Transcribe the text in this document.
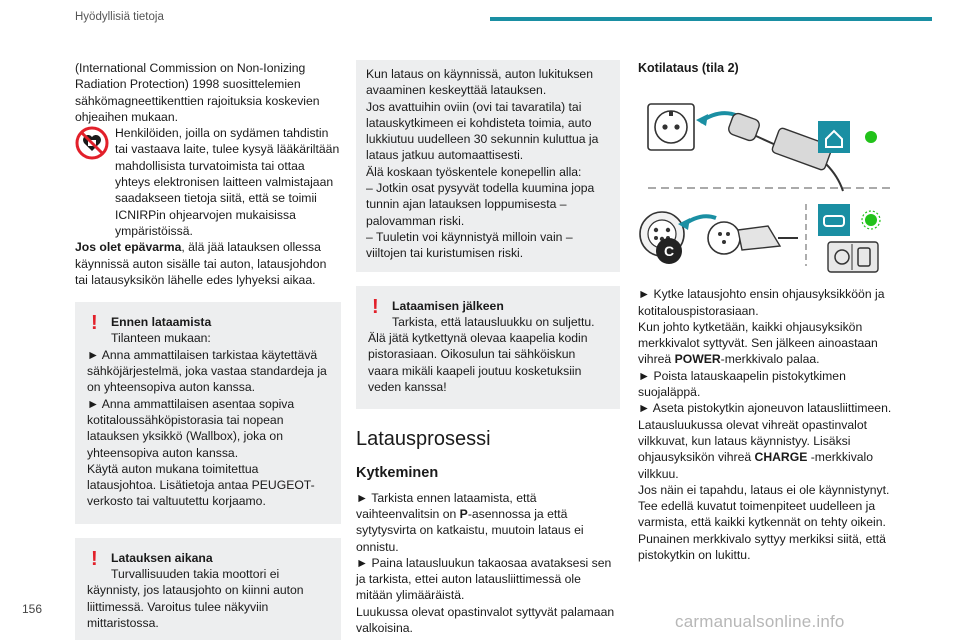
Hyödyllisiä tietoja

(International Commission on Non-Ionizing Radiation Protection) 1998 suosittelemien sähkömagneettikenttien rajoituksia koskevien ohjeaihen mukaan.

Henkilöiden, joilla on sydämen tahdistin tai vastaava laite, tulee kysyä lääkäriltään mahdollisista turvatoimista tai ottaa yhteys elektronisen laitteen valmistajaan saadakseen tietoja siitä, että se toimii ICNIRPin ohjearvojen mukaisissa ympäristöissä.

Jos olet epävarma, älä jää latauksen ollessa käynnissä auton sisälle tai auton, latausjohdon tai latausyksikön lähelle edes lyhyeksi aikaa.

! Ennen lataamista

Tilanteen mukaan:

► Anna ammattilaisen tarkistaa käytettävä sähköjärjestelmä, joka vastaa standardeja ja on yhteensopiva auton kanssa.
► Anna ammattilaisen asentaa sopiva kotitaloussähköpistorasia tai nopean latauksen yksikkö (Wallbox), joka on yhteensopiva auton kanssa.
Käytä auton mukana toimitettua latausjohtoa. Lisätietoja antaa PEUGEOT-verkosto tai valtuutettu korjaamo.

! Latauksen aikana

Turvallisuuden takia moottori ei

käynnisty, jos latausjohto on kiinni auton liittimessä. Varoitus tulee näkyviin mittaristossa.

Kun lataus on käynnissä, auton lukituksen avaaminen keskeyttää latauksen.
Jos avattuihin oviin (ovi tai tavaratila) tai latauskytkimeen ei kohdisteta toimia, auto lukkiutuu uudelleen 30 sekunnin kuluttua ja lataus jatkuu automaattisesti.
Älä koskaan työskentele konepellin alla:
– Jotkin osat pysyvät todella kuumina jopa tunnin ajan latauksen loppumisesta – palovamman riski.
– Tuuletin voi käynnistyä milloin vain – viiltojen tai kuristumisen riski.
! Lataamisen jälkeen

Tarkista, että latausluukku on suljettu.

Älä jätä kytkettynä olevaa kaapelia kodin pistorasiaan. Oikosulun tai sähköiskun vaara mikäli kaapeli joutuu kosketuksiin veden kanssa!

Latausprosessi
Kytkeminen

► Tarkista ennen lataamista, että vaihteenvalitsin on P-asennossa ja että sytytysvirta on katkaistu, muutoin lataus ei onnistu.

► Paina latausluukun takaosaa avataksesi sen ja tarkista, ettei auton latausliittimessä ole mitään ylimääräistä.
Luukussa olevat opastinvalot syttyvät palamaan valkoisina.

Kotilataus (tila 2)

C

► Kytke latausjohto ensin ohjausyksikköön ja kotitalouspistorasiaan.

Kun johto kytketään, kaikki ohjausyksikön merkkivalot syttyvät. Sen jälkeen ainoastaan vihreä POWER-merkkivalo palaa.

► Poista latauskaapelin pistokytkimen suojaläppä.
► Aseta pistokytkin ajoneuvon latausliittimeen.
Latausluukussa olevat vihreät opastinvalot vilkkuvat, kun lataus käynnistyy. Lisäksi ohjausyksikön vihreä CHARGE -merkkivalo vilkkuu.

Jos näin ei tapahdu, lataus ei ole käynnistynyt. Tee edellä kuvatut toimenpiteet uudelleen ja varmista, että kaikki kytkennät on tehty oikein.
Punainen merkkivalo syttyy merkiksi siitä, että pistokytkin on lukittu.

156
carmanualsonline.info
